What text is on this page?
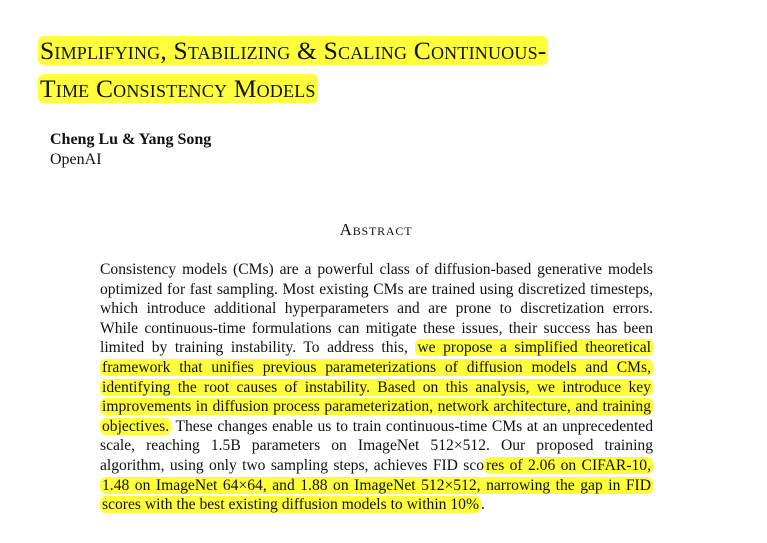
Simplifying, Stabilizing & Scaling Continuous-
Time Consistency Models
Cheng Lu & Yang Song
OpenAI
Abstract

Consistency models (CMs) are a powerful class of diffusion-based generative models optimized for fast sampling. Most existing CMs are trained using discretized timesteps, which introduce additional hyperparameters and are prone to discretization errors. While continuous-time formulations can mitigate these issues, their success has been limited by training instability. To address this, we propose a simplified theoretical framework that unifies previous parameterizations of diffusion models and CMs, identifying the root causes of instability. Based on this analysis, we introduce key improvements in diffusion process parameterization, network architecture, and training objectives. These changes enable us to train continuous-time CMs at an unprecedented scale, reaching 1.5B parameters on ImageNet 512×512. Our proposed training algorithm, using only two sampling steps, achieves FID sco res of 2.06 on CIFAR-10, 1.48 on ImageNet 64×64, and 1.88 on ImageNet 512×512, narrowing the gap in FID scores with the best existing diffusion models to within 10% .
